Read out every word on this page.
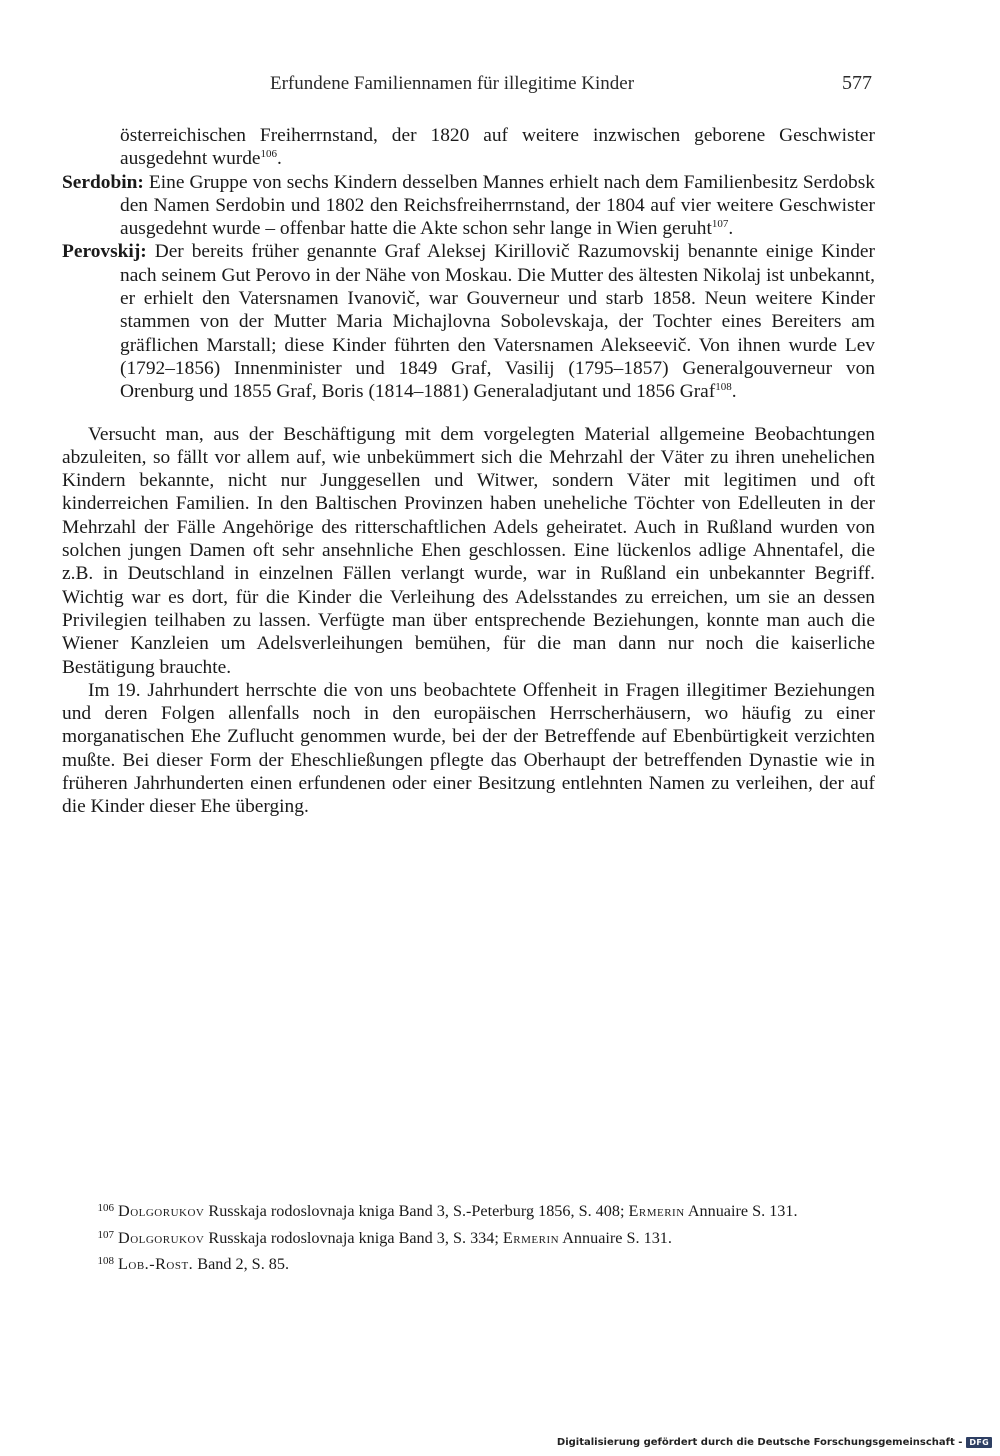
Erfundene Familiennamen für illegitime Kinder	577

österreichischen Freiherrnstand, der 1820 auf weitere inzwischen geborene Geschwister ausgedehnt wurde$^{106}$.

Serdobin: Eine Gruppe von sechs Kindern desselben Mannes erhielt nach dem Familienbesitz Serdobsk den Namen Serdobin und 1802 den Reichsfreiherrnstand, der 1804 auf vier weitere Geschwister ausgedehnt wurde – offenbar hatte die Akte schon sehr lange in Wien geruht$^{107}$.

Perovskij: Der bereits früher genannte Graf Aleksej Kirillovič Razumovskij benannte einige Kinder nach seinem Gut Perovo in der Nähe von Moskau. Die Mutter des ältesten Nikolaj ist unbekannt, er erhielt den Vatersnamen Ivanovič, war Gouverneur und starb 1858. Neun weitere Kinder stammen von der Mutter Maria Michajlovna Sobolevskaja, der Tochter eines Bereiters am gräflichen Marstall; diese Kinder führten den Vatersnamen Alekseevič. Von ihnen wurde Lev (1792–1856) Innenminister und 1849 Graf, Vasilij (1795–1857) Generalgouverneur von Orenburg und 1855 Graf, Boris (1814–1881) Generaladjutant und 1856 Graf$^{108}$.

Versucht man, aus der Beschäftigung mit dem vorgelegten Material allgemeine Beobachtungen abzuleiten, so fällt vor allem auf, wie unbekümmert sich die Mehrzahl der Väter zu ihren unehelichen Kindern bekannte, nicht nur Junggesellen und Witwer, sondern Väter mit legitimen und oft kinderreichen Familien. In den Baltischen Provinzen haben uneheliche Töchter von Edelleuten in der Mehrzahl der Fälle Angehörige des ritterschaftlichen Adels geheiratet. Auch in Rußland wurden von solchen jungen Damen oft sehr ansehnliche Ehen geschlossen. Eine lückenlos adlige Ahnentafel, die z.B. in Deutschland in einzelnen Fällen verlangt wurde, war in Rußland ein unbekannter Begriff. Wichtig war es dort, für die Kinder die Verleihung des Adelsstandes zu erreichen, um sie an dessen Privilegien teilhaben zu lassen. Verfügte man über entsprechende Beziehungen, konnte man auch die Wiener Kanzleien um Adelsverleihungen bemühen, für die man dann nur noch die kaiserliche Bestätigung brauchte.

Im 19. Jahrhundert herrschte die von uns beobachtete Offenheit in Fragen illegitimer Beziehungen und deren Folgen allenfalls noch in den europäischen Herrscherhäusern, wo häufig zu einer morganatischen Ehe Zuflucht genommen wurde, bei der der Betreffende auf Ebenbürtigkeit verzichten mußte. Bei dieser Form der Eheschließungen pflegte das Oberhaupt der betreffenden Dynastie wie in früheren Jahrhunderten einen erfundenen oder einer Besitzung entlehnten Namen zu verleihen, der auf die Kinder dieser Ehe überging.

106 Dolgorukov Russkaja rodoslovnaja kniga Band 3, S.-Peterburg 1856, S. 408; Ermerin Annuaire S. 131.

107 Dolgorukov Russkaja rodoslovnaja kniga Band 3, S. 334; Ermerin Annuaire S. 131.

108 Lob.-Rost. Band 2, S. 85.

Digitalisierung gefördert durch die Deutsche Forschungsgemeinschaft - DFG
